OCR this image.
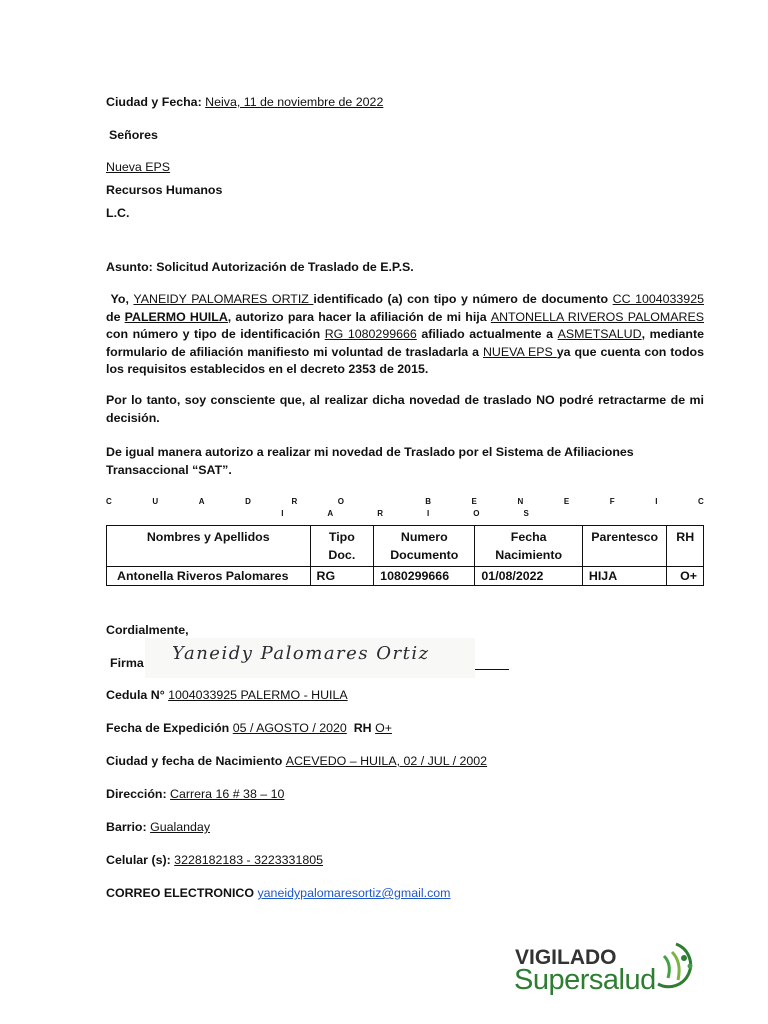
Ciudad y Fecha: Neiva, 11 de noviembre de 2022
Señores
Nueva EPS
Recursos Humanos
L.C.
Asunto: Solicitud Autorización de Traslado de E.P.S.
Yo, YANEIDY PALOMARES ORTIZ identificado (a) con tipo y número de documento CC 1004033925 de PALERMO HUILA, autorizo para hacer la afiliación de mi hija ANTONELLA RIVEROS PALOMARES con número y tipo de identificación RG 1080299666 afiliado actualmente a ASMETSALUD, mediante formulario de afiliación manifiesto mi voluntad de trasladarla a NUEVA EPS ya que cuenta con todos los requisitos establecidos en el decreto 2353 de 2015.
Por lo tanto, soy consciente que, al realizar dicha novedad de traslado NO podré retractarme de mi decisión.
De igual manera autorizo a realizar mi novedad de Traslado por el Sistema de Afiliaciones Transaccional “SAT”.
C	U	A	D	R	O	B	E	N	E	F	I	C
I	A	R	I	O	S
Nombres y Apellidos	Tipo Doc.	Numero Documento	Fecha Nacimiento	Parentesco	RH
Antonella Riveros Palomares	RG	1080299666	01/08/2022	HIJA	O+
Cordialmente,
Firma Yaneidy Palomares Ortiz
Cedula N° 1004033925 PALERMO - HUILA
Fecha de Expedición 05 / AGOSTO / 2020 RH O+
Ciudad y fecha de Nacimiento ACEVEDO – HUILA, 02 / JUL / 2002
Dirección: Carrera 16 # 38 – 10
Barrio: Gualanday
Celular (s): 3228182183 - 3223331805
CORREO ELECTRONICO yaneidypalomaresortiz@gmail.com
VIGILADO
Supersalud
